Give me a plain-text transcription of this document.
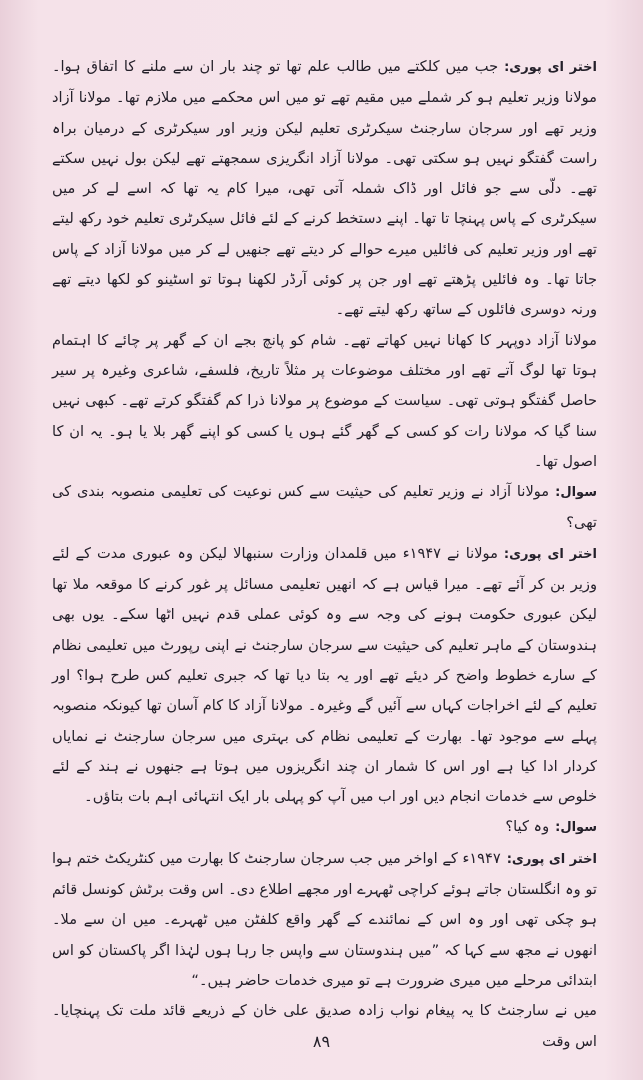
اختر ای پوری:جب میں کلکتے میں طالب علم تھا تو چند بار ان سے ملنے کا اتفاق ہوا۔ مولانا وزیر تعلیم ہو کر شملے میں مقیم تھے تو میں اس محکمے میں ملازم تھا۔ مولانا آزاد وزیر تھے اور سرجان سارجنٹ سیکرٹری تعلیم لیکن وزیر اور سیکرٹری کے درمیان براہ راست گفتگو نہیں ہو سکتی تھی۔ مولانا آزاد انگریزی سمجھتے تھے لیکن بول نہیں سکتے تھے۔ دلّی سے جو فائل اور ڈاک شملہ آتی تھی، میرا کام یہ تھا کہ اسے لے کر میں سیکرٹری کے پاس پہنچا تا تھا۔ اپنے دستخط کرنے کے لئے فائل سیکرٹری تعلیم خود رکھ لیتے تھے اور وزیر تعلیم کی فائلیں میرے حوالے کر دیتے تھے جنھیں لے کر میں مولانا آزاد کے پاس جاتا تھا۔ وہ فائلیں پڑھتے تھے اور جن پر کوئی آرڈر لکھنا ہوتا تو اسٹینو کو لکھا دیتے تھے ورنہ دوسری فائلوں کے ساتھ رکھ لیتے تھے۔

مولانا آزاد دوپہر کا کھانا نہیں کھاتے تھے۔ شام کو پانچ بجے ان کے گھر پر چائے کا اہتمام ہوتا تھا لوگ آتے تھے اور مختلف موضوعات پر مثلاً تاریخ، فلسفے، شاعری وغیرہ پر سیر حاصل گفتگو ہوتی تھی۔ سیاست کے موضوع پر مولانا ذرا کم گفتگو کرتے تھے۔ کبھی نہیں سنا گیا کہ مولانا رات کو کسی کے گھر گئے ہوں یا کسی کو اپنے گھر بلا یا ہو۔ یہ ان کا اصول تھا۔

سوال:مولانا آزاد نے وزیر تعلیم کی حیثیت سے کس نوعیت کی تعلیمی منصوبہ بندی کی تھی؟

اختر ای پوری:مولانا نے ۱۹۴۷ء میں قلمدان وزارت سنبھالا لیکن وہ عبوری مدت کے لئے وزیر بن کر آئے تھے۔ میرا قیاس ہے کہ انھیں تعلیمی مسائل پر غور کرنے کا موقعہ ملا تھا لیکن عبوری حکومت ہونے کی وجہ سے وہ کوئی عملی قدم نہیں اٹھا سکے۔ یوں بھی ہندوستان کے ماہر تعلیم کی حیثیت سے سرجان سارجنٹ نے اپنی رپورٹ میں تعلیمی نظام کے سارے خطوط واضح کر دیئے تھے اور یہ بتا دیا تھا کہ جبری تعلیم کس طرح ہوا؟ اور تعلیم کے لئے اخراجات کہاں سے آئیں گے وغیرہ۔ مولانا آزاد کا کام آسان تھا کیونکہ منصوبہ پہلے سے موجود تھا۔ بھارت کے تعلیمی نظام کی بہتری میں سرجان سارجنٹ نے نمایاں کردار ادا کیا ہے اور اس کا شمار ان چند انگریزوں میں ہوتا ہے جنھوں نے ہند کے لئے خلوص سے خدمات انجام دیں اور اب میں آپ کو پہلی بار ایک انتہائی اہم بات بتاؤں۔

سوال:وہ کیا؟

اختر ای پوری:۱۹۴۷ء کے اواخر میں جب سرجان سارجنٹ کا بھارت میں کنٹریکٹ ختم ہوا تو وہ انگلستان جاتے ہوئے کراچی ٹھہرے اور مجھے اطلاع دی۔ اس وقت برٹش کونسل قائم ہو چکی تھی اور وہ اس کے نمائندے کے گھر واقع کلفٹن میں ٹھہرے۔ میں ان سے ملا۔ انھوں نے مجھ سے کہا کہ ”میں ہندوستان سے واپس جا رہا ہوں لہٰذا اگر پاکستان کو اس ابتدائی مرحلے میں میری ضرورت ہے تو میری خدمات حاضر ہیں۔“

میں نے سارجنٹ کا یہ پیغام نواب زادہ صدیق علی خان کے ذریعے قائد ملت تک پہنچایا۔ اس وقت

۸۹
